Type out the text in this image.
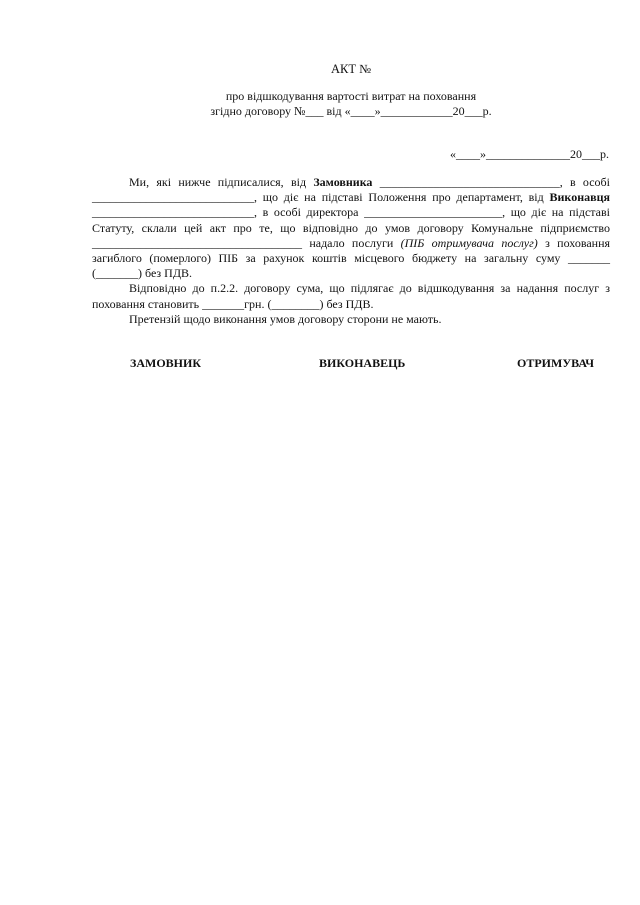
АКТ №
про відшкодування вартості витрат на поховання
згідно договору №___ від «____»____________20___р.
«____»______________20___р.

Ми, які нижче підписалися, від Замовника ______________________________, в особі ___________________________, що діє на підставі Положення про департамент, від Виконавця ___________________________, в особі директора _______________________, що діє на підставі Статуту, склали цей акт про те, що відповідно до умов договору Комунальне підприємство ___________________________________ надало послуги (ПІБ отримувача послуг) з поховання загиблого (померлого) ПІБ за рахунок коштів місцевого бюджету на загальну суму _______ (_______) без ПДВ.

Відповідно до п.2.2. договору сума, що підлягає до відшкодування за надання послуг з поховання становить _______грн. (________) без ПДВ.

Претензій щодо виконання умов договору сторони не мають.

ЗАМОВНИК	ВИКОНАВЕЦЬ	ОТРИМУВАЧ
